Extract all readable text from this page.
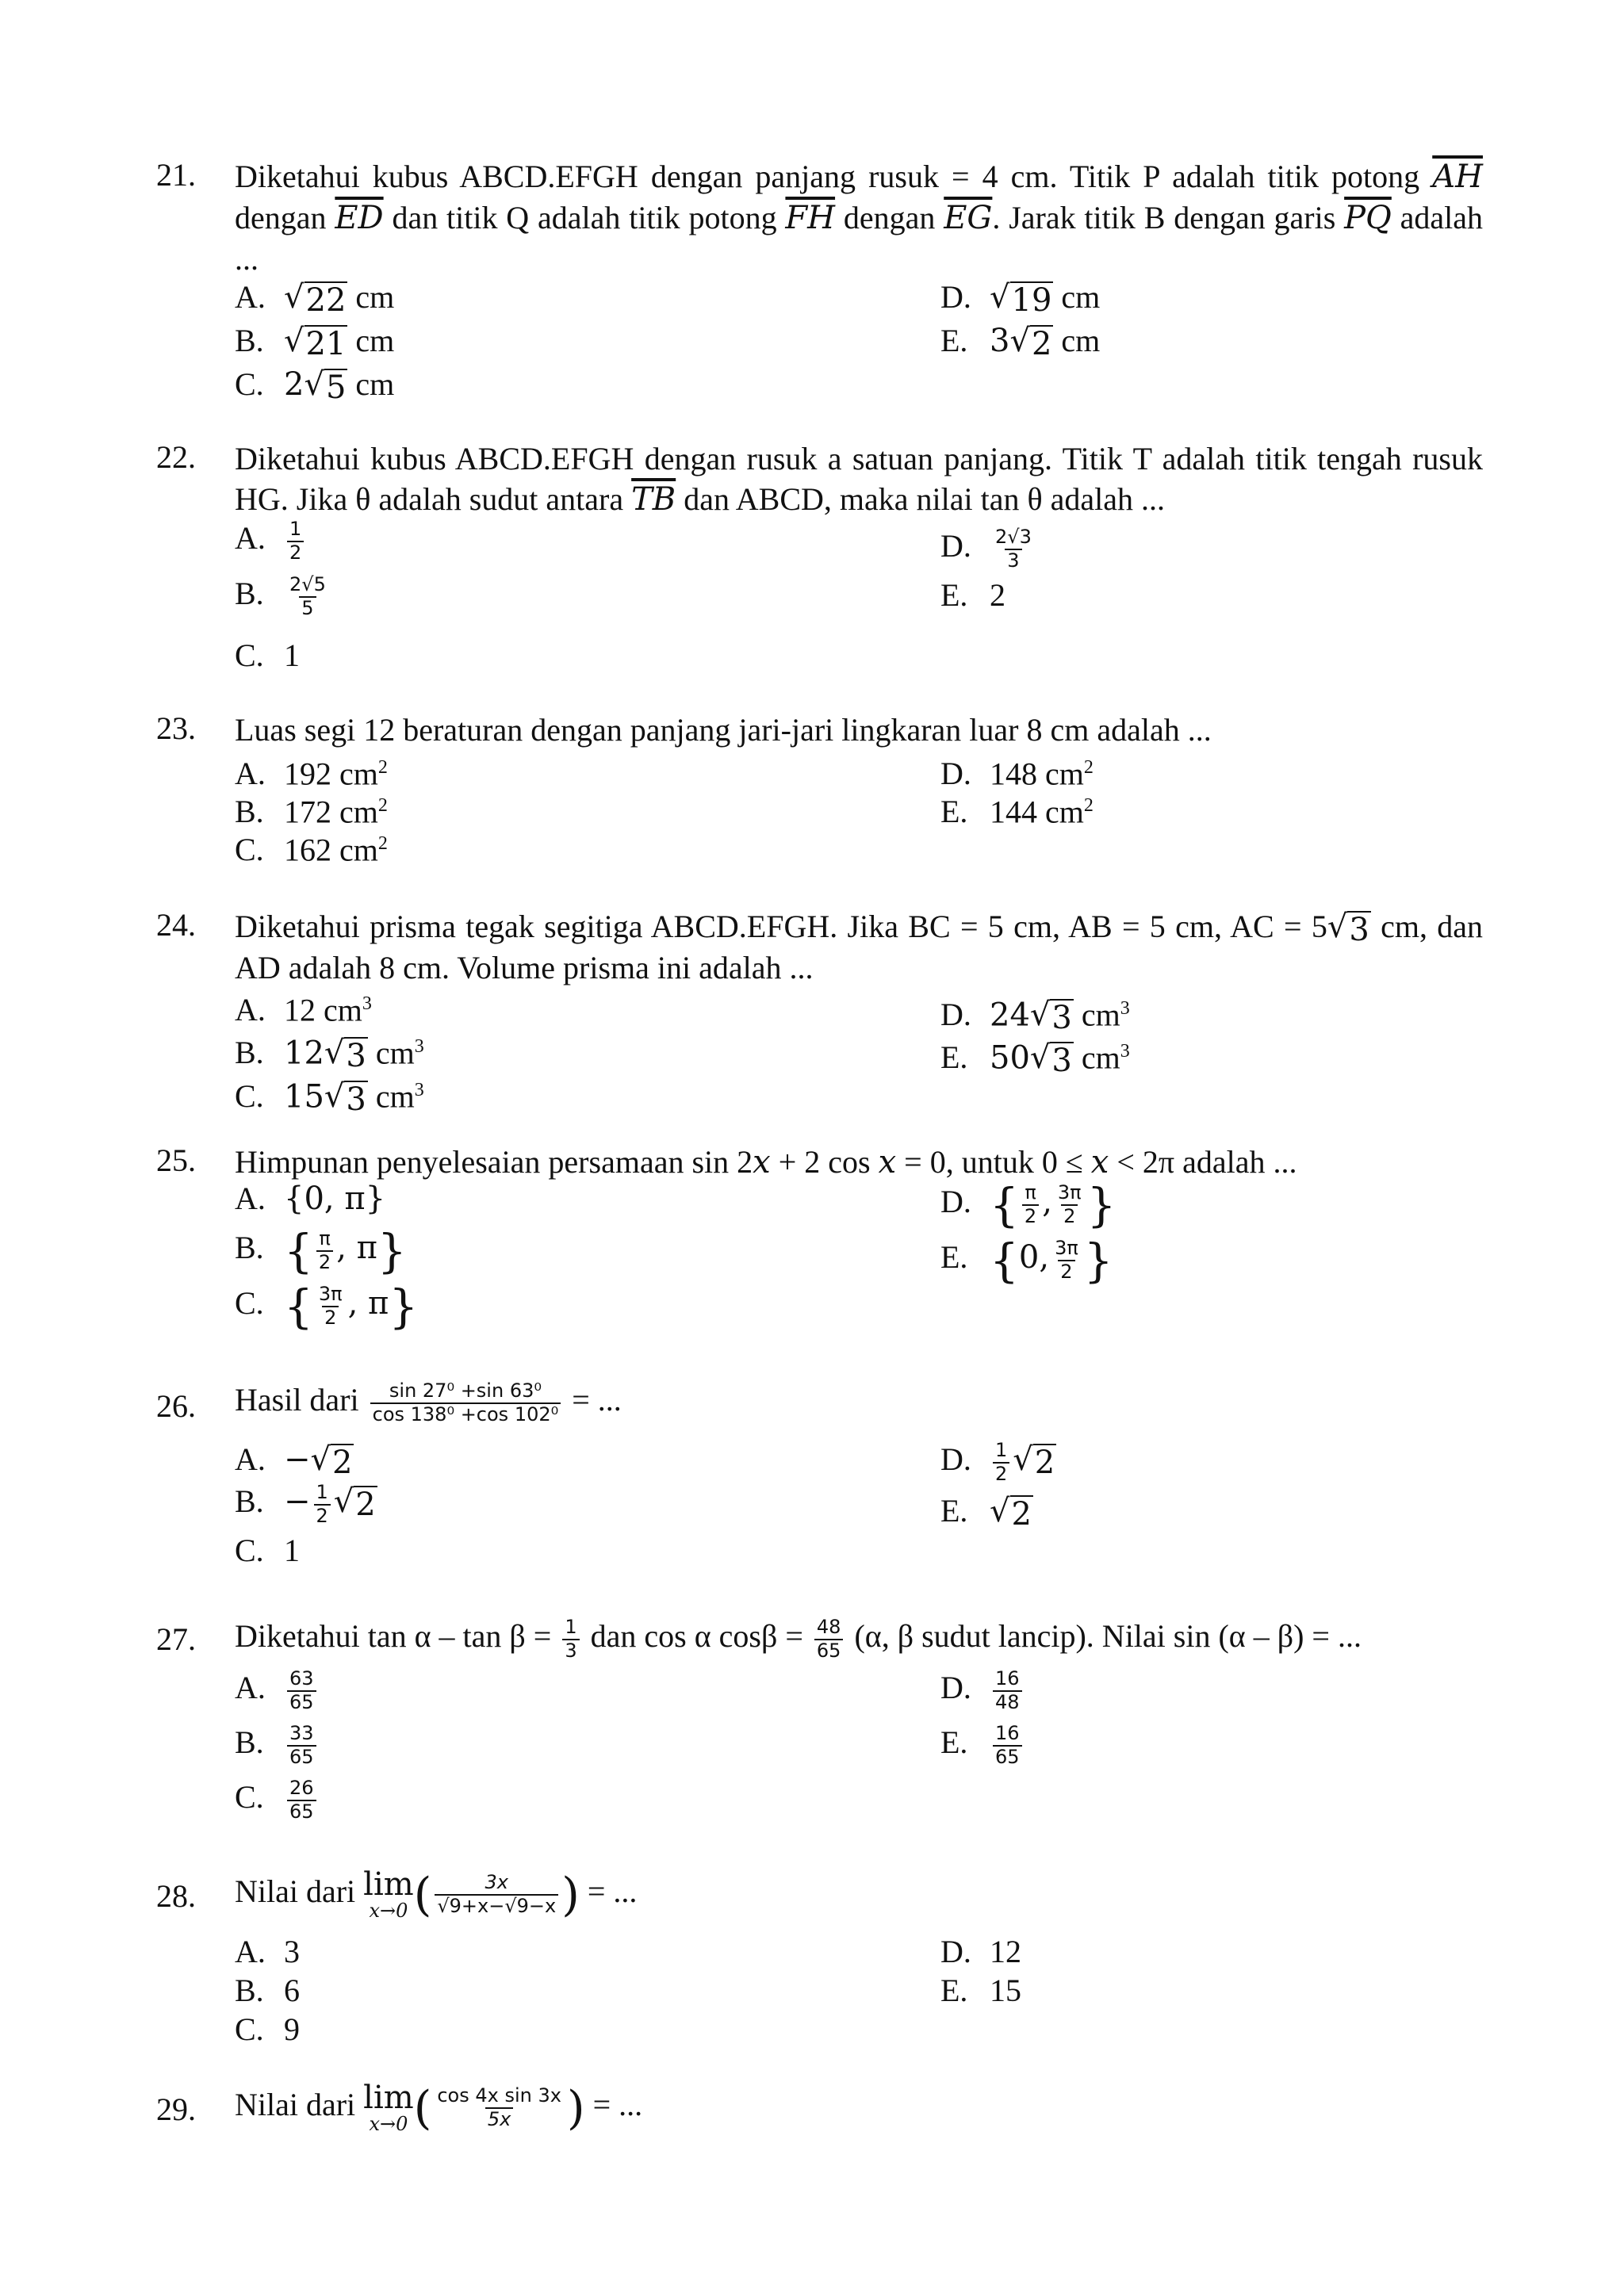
21. Diketahui kubus ABCD.EFGH dengan panjang rusuk = 4 cm. Titik P adalah titik potong $\overline{AH}$ dengan $\overline{ED}$ dan titik Q adalah titik potong $\overline{FH}$ dengan $\overline{EG}$. Jarak titik B dengan garis $\overline{PQ}$ adalah ...
A. √ 22 cm
B. √ 21 cm
C. 2 √ 5 cm
D. √ 19 cm
E. 3 √ 2 cm
22. Diketahui kubus ABCD.EFGH dengan rusuk a satuan panjang. Titik T adalah titik tengah rusuk HG. Jika θ adalah sudut antara $\overline{TB}$ dan ABCD, maka nilai tan θ adalah ...
A. $\frac{1}{2}$
B. $\frac{2√5}{5}$
C. 1
D. $\frac{2√3}{3}$
E. 2
23. Luas segi 12 beraturan dengan panjang jari-jari lingkaran luar 8 cm adalah ...
A. 192 $cm^2$
B. 172 $cm^2$
C. 162 $cm^2$
D. 148 $cm^2$
E. 144 $cm^2$
24. Diketahui prisma tegak segitiga ABCD.EFGH. Jika BC = 5 cm, AB = 5 cm, AC = 5 √ 3 cm, dan AD adalah 8 cm. Volume prisma ini adalah ...
A. 12 $cm^3$
B. 12 √ 3 $cm^3$
C. 15 √ 3 $cm^3$
D. 24 √ 3 $cm^3$
E. 50 √ 3 $cm^3$
25. Himpunan penyelesaian persamaan sin 2x + 2 cos x = 0, untuk 0 ≤ x < 2π adalah ...
A. {0, π}
B. { $\frac{\pi}{2}$ , π}
C. { $\frac{3\pi}{2}$ , π}
D. { $\frac{\pi}{2}$ , $\frac{3\pi}{2}$ }
E. {0, $\frac{3\pi}{2}$ }
26. Hasil dari $\frac{\text{sin 27⁰ +sin 63⁰}}{\text{cos 138⁰ +cos 102⁰}}$ = ...
A. − √ 2
B. − $\frac{1}{2}$ √ 2
C. 1
D. $\frac{1}{2}$ √ 2
E. √ 2
27. Diketahui $\tan \alpha - \tan \beta = \frac{1}{3}$ dan cos α $\cos\beta = \frac{48}{65} (\alpha$, β sudut lancip). Nilai sin (α – β) = ...
A. $\frac{63}{65}$
B. $\frac{33}{65}$
C. $\frac{26}{65}$
D. $\frac{16}{48}$
E. $\frac{16}{65}$
28. Nilai dari lim
x→0 ( $\frac{3x}{√9+x-√9-x}$ ) = ...
A. 3
B. 6
C. 9
D. 12
E. 15
29. Nilai dari lim
x→0 ( $\frac{\text{cos 4x sin 3x}}{5x}$ ) = ...
